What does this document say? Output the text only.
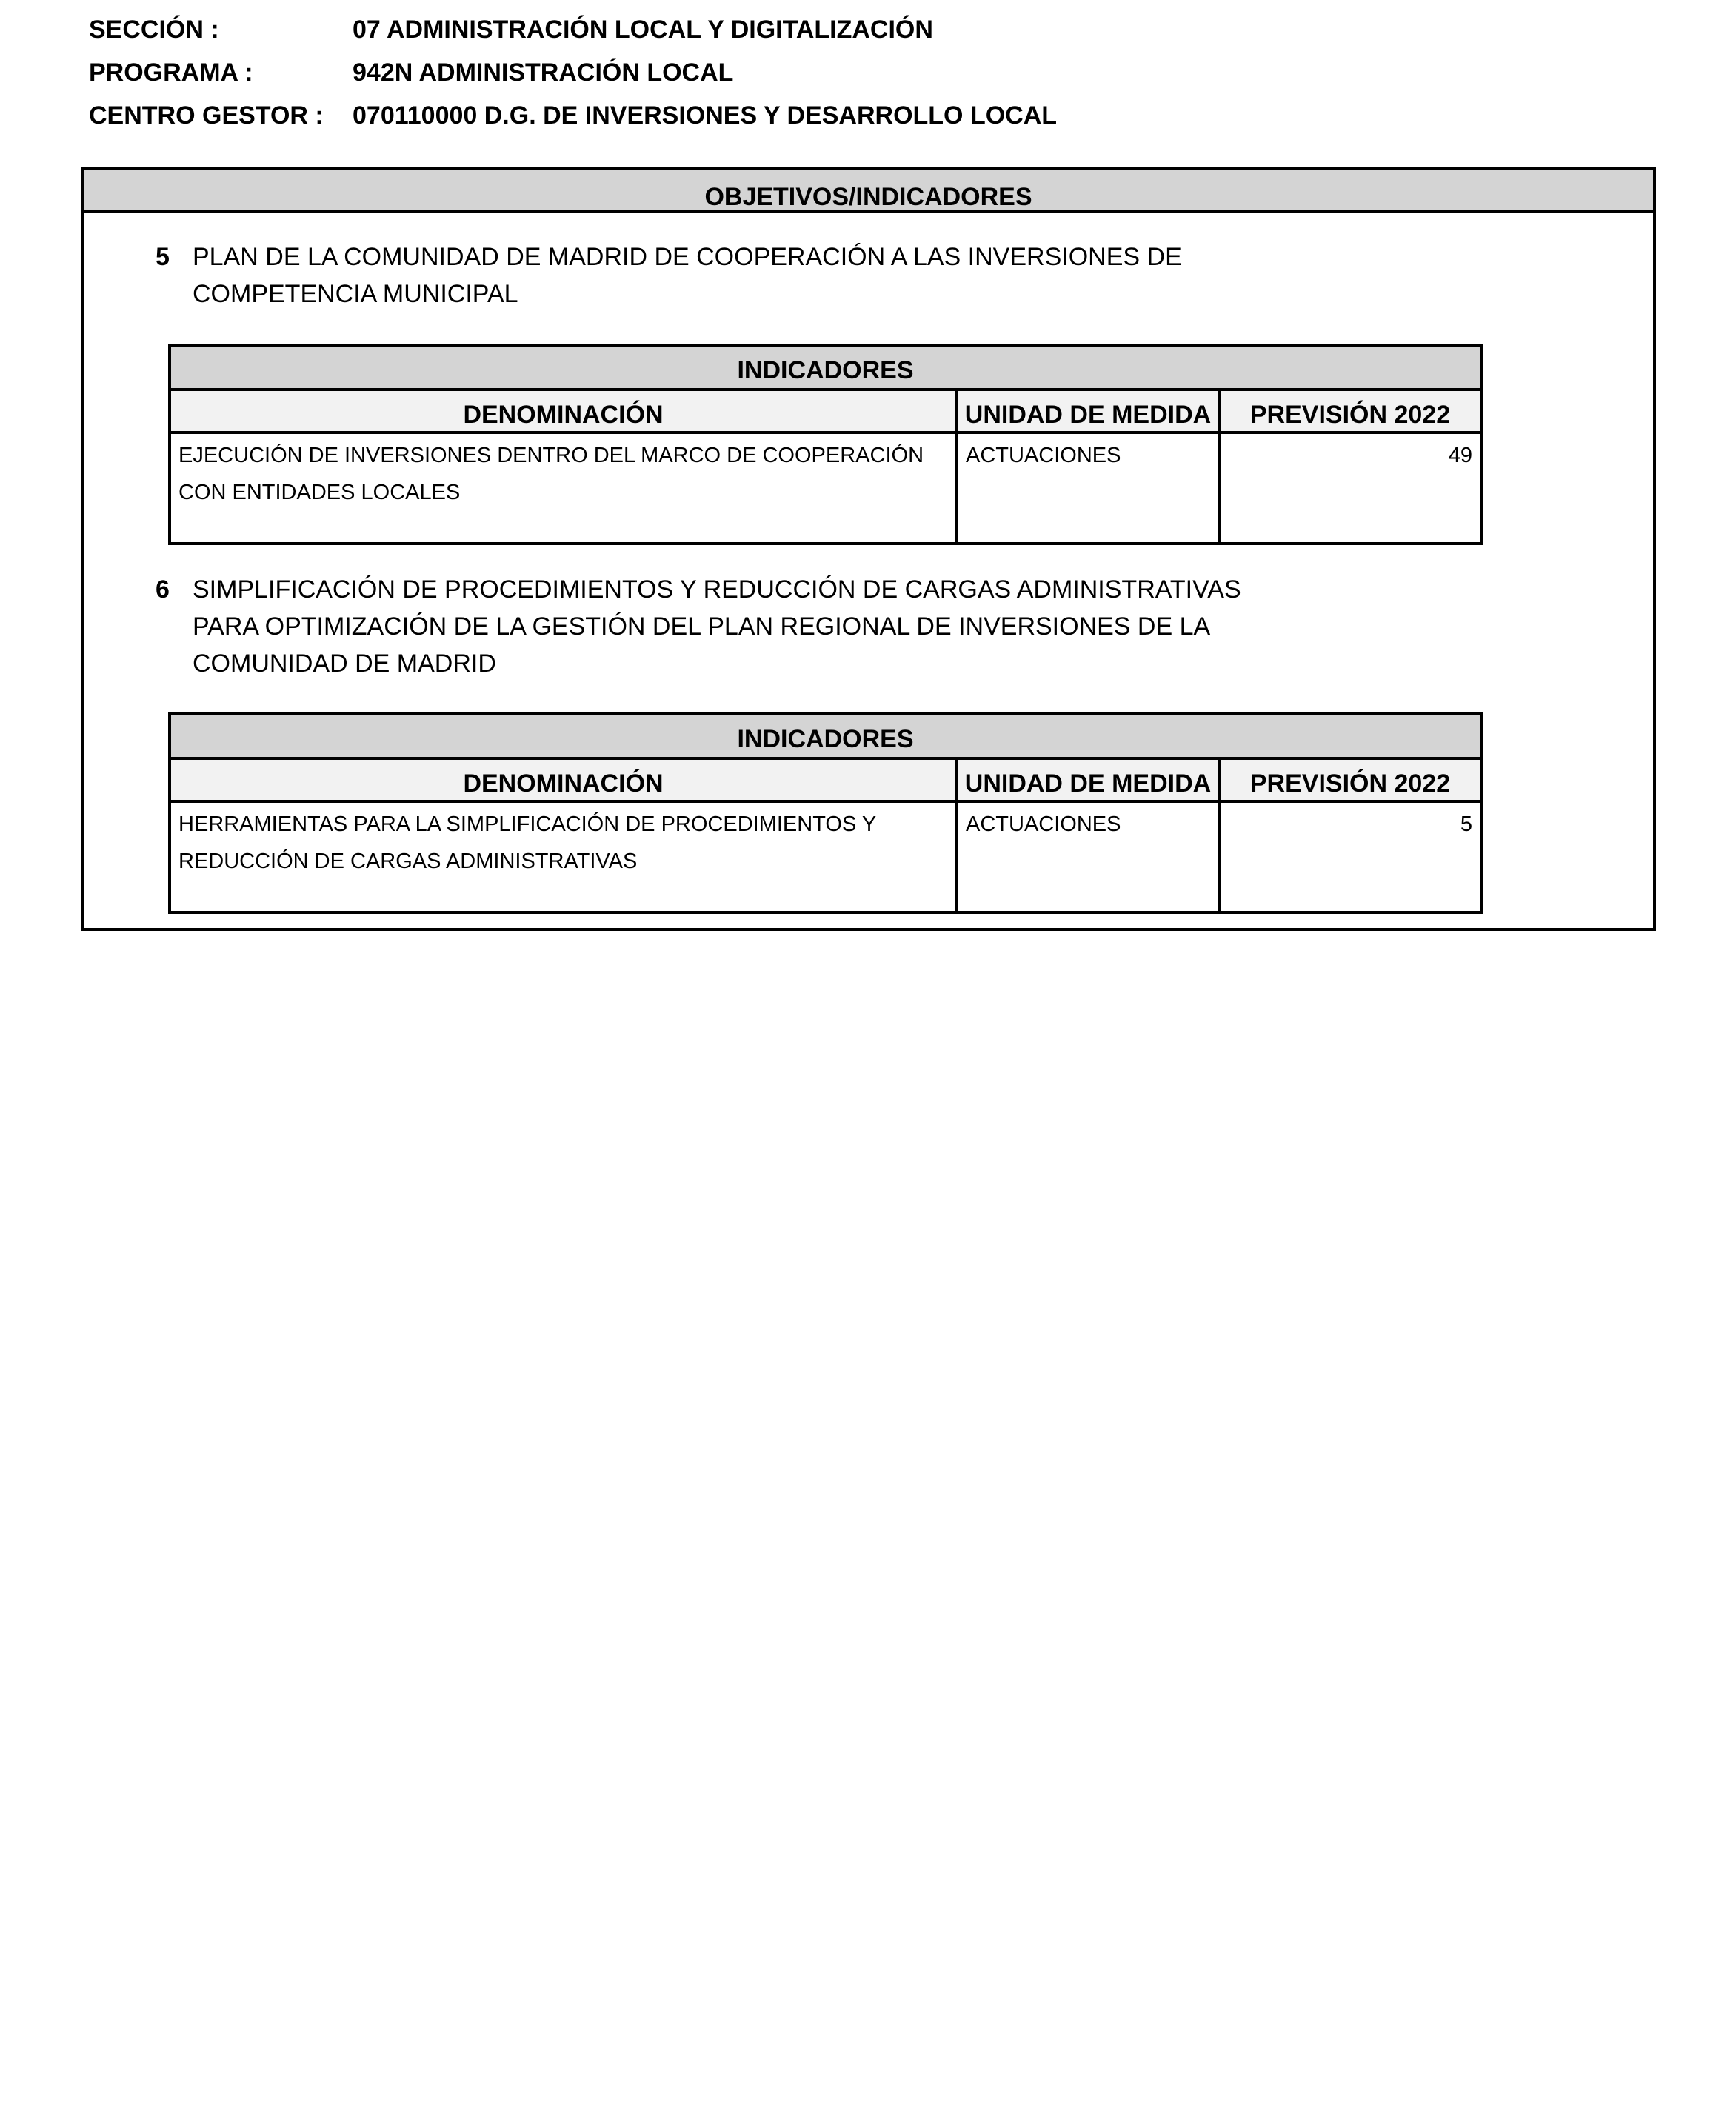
SECCIÓN :	07 ADMINISTRACIÓN LOCAL Y DIGITALIZACIÓN
PROGRAMA :	942N ADMINISTRACIÓN LOCAL
CENTRO GESTOR : 070110000 D.G. DE INVERSIONES Y DESARROLLO LOCAL
OBJETIVOS/INDICADORES
5 PLAN DE LA COMUNIDAD DE MADRID DE COOPERACIÓN A LAS INVERSIONES DE
COMPETENCIA MUNICIPAL
INDICADORES		
DENOMINACIÓN	UNIDAD DE MEDIDA	PREVISIÓN 2022

EJECUCIÓN DE INVERSIONES DENTRO DEL MARCO DE COOPERACIÓN
CON ENTIDADES LOCALES	ACTUACIONES	49
6 SIMPLIFICACIÓN DE PROCEDIMIENTOS Y REDUCCIÓN DE CARGAS ADMINISTRATIVAS
PARA OPTIMIZACIÓN DE LA GESTIÓN DEL PLAN REGIONAL DE INVERSIONES DE LA
COMUNIDAD DE MADRID
INDICADORES		
DENOMINACIÓN	UNIDAD DE MEDIDA	PREVISIÓN 2022

HERRAMIENTAS PARA LA SIMPLIFICACIÓN DE PROCEDIMIENTOS Y
REDUCCIÓN DE CARGAS ADMINISTRATIVAS	ACTUACIONES	5
